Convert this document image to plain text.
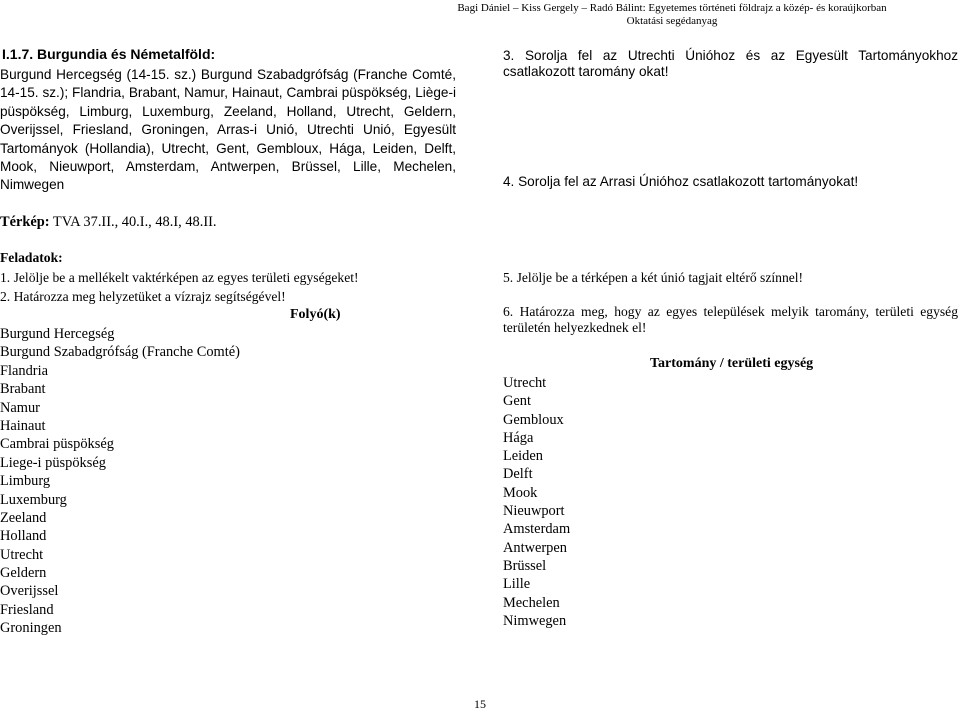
Bagi Dániel – Kiss Gergely – Radó Bálint: Egyetemes történeti földrajz a közép- és koraújkorban
Oktatási segédanyag
I.1.7. Burgundia és Németalföld:

Burgund Hercegség (14-15. sz.) Burgund Szabadgrófság (Franche Comté, 14-15. sz.); Flandria, Brabant, Namur, Hainaut, Cambrai püspökség, Liège-i püspökség, Limburg, Luxemburg, Zeeland, Holland, Utrecht, Geldern, Overijssel, Friesland, Groningen, Arras-i Unió, Utrechti Unió, Egyesült Tartományok (Hollandia), Utrecht, Gent, Gembloux, Hága, Leiden, Delft, Mook, Nieuwport, Amsterdam, Antwerpen, Brüssel, Lille, Mechelen, Nimwegen

Térkép: TVA 37.II., 40.I., 48.I, 48.II.

Feladatok:

1. Jelölje be a mellékelt vaktérképen az egyes területi egységeket!

2. Határozza meg helyzetüket a vízrajz segítségével!

Folyó(k)

Burgund Hercegség
Burgund Szabadgrófság (Franche Comté)
Flandria
Brabant
Namur
Hainaut
Cambrai püspökség
Liege-i püspökség
Limburg
Luxemburg
Zeeland
Holland
Utrecht
Geldern
Overijssel
Friesland
Groningen

3. Sorolja fel az Utrechti Únióhoz és az Egyesült Tartományokhoz csatlakozott taromány okat!

4. Sorolja fel az Arrasi Únióhoz csatlakozott tartományokat!

5. Jelölje be a térképen a két únió tagjait eltérő színnel!

6. Határozza meg, hogy az egyes települések melyik taromány, területi egység területén helyezkednek el!

Tartomány / területi egység

Utrecht
Gent
Gembloux
Hága
Leiden
Delft
Mook
Nieuwport
Amsterdam
Antwerpen
Brüssel
Lille
Mechelen
Nimwegen
15
